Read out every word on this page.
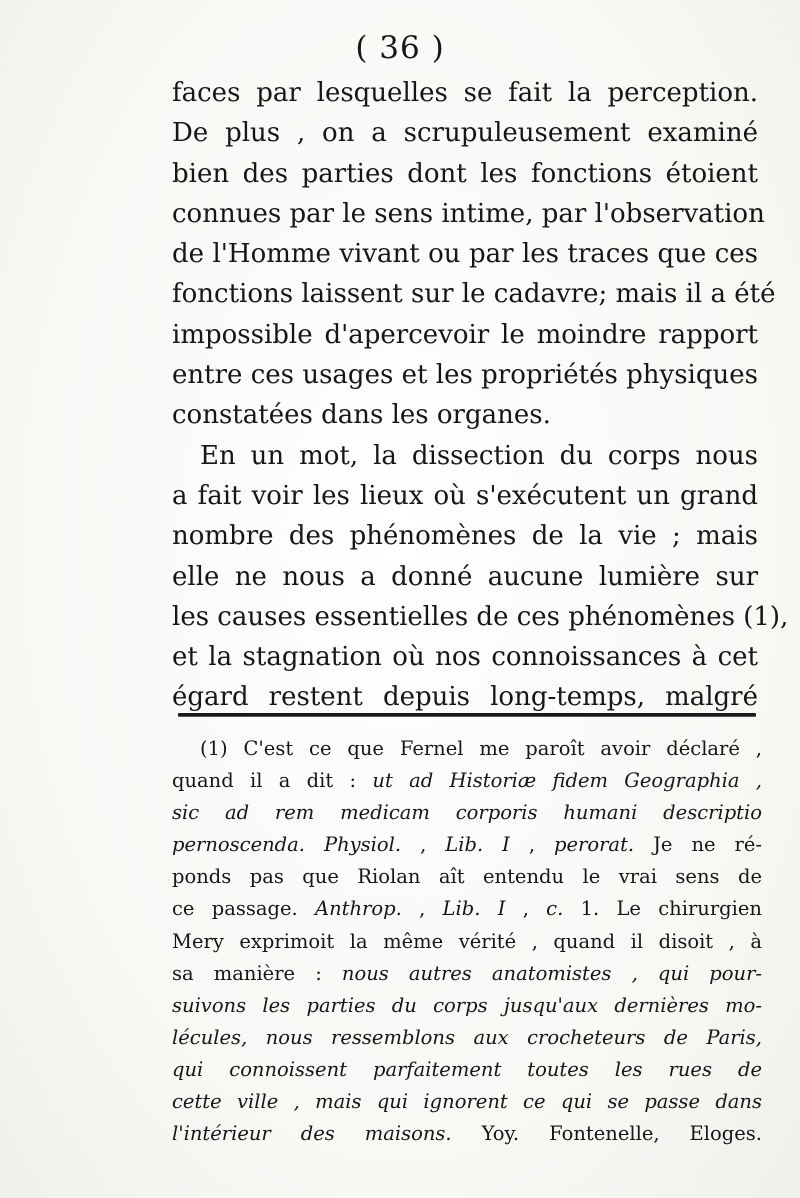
( 36 )
faces par lesquelles se fait la perception.
De plus , on a scrupuleusement examiné
bien des parties dont les fonctions étoient
connues par le sens intime, par l'observation
de l'Homme vivant ou par les traces que ces
fonctions laissent sur le cadavre; mais il a été
impossible d'apercevoir le moindre rapport
entre ces usages et les propriétés physiques
constatées dans les organes.
En un mot, la dissection du corps nous
a fait voir les lieux où s'exécutent un grand
nombre des phénomènes de la vie ; mais
elle ne nous a donné aucune lumière sur
les causes essentielles de ces phénomènes (1),
et la stagnation où nos connoissances à cet
égard restent depuis long-temps, malgré
(1) C'est ce que Fernel me paroît avoir déclaré ,
quand il a dit : ut ad Historiæ fidem Geographia ,
sic ad rem medicam corporis humani descriptio
pernoscenda. Physiol. , Lib. I , perorat. Je ne ré-
ponds pas que Riolan aît entendu le vrai sens de
ce passage. Anthrop. , Lib. I , c. 1. Le chirurgien
Mery exprimoit la même vérité , quand il disoit , à
sa manière : nous autres anatomistes , qui pour-
suivons les parties du corps jusqu'aux dernières mo-
lécules, nous ressemblons aux crocheteurs de Paris,
qui connoissent parfaitement toutes les rues de
cette ville , mais qui ignorent ce qui se passe dans
l'intérieur des maisons. Yoy. Fontenelle, Eloges.
